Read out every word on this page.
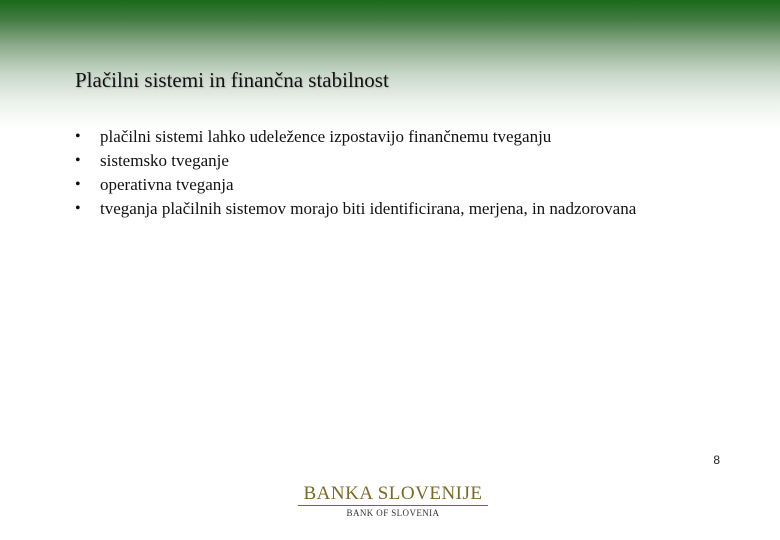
Plačilni sistemi in finančna stabilnost
• plačilni sistemi lahko udeležence izpostavijo finančnemu tveganju
• sistemsko tveganje
• operativna tveganja
• tveganja plačilnih sistemov morajo biti identificirana, merjena, in nadzorovana
8
BANKA SLOVENIJE
BANK OF SLOVENIA
